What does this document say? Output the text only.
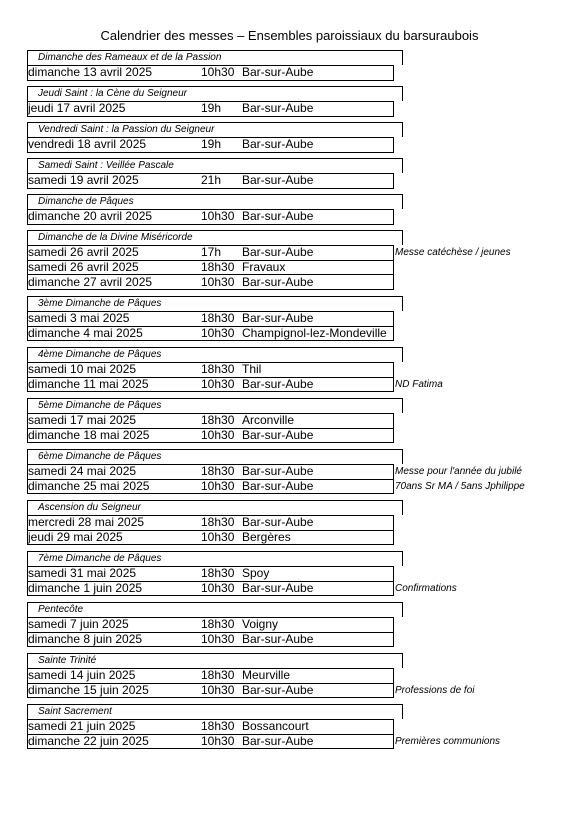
Calendrier des messes – Ensembles paroissiaux du barsuraubois
Dimanche des Rameaux et de la Passion
dimanche 13 avril 2025	10h30 Bar-sur-Aube
Jeudi Saint : la Cène du Seigneur
jeudi 17 avril 2025	19h Bar-sur-Aube
Vendredi Saint : la Passion du Seigneur
vendredi 18 avril 2025	19h Bar-sur-Aube
Samedi Saint : Veillée Pascale
samedi 19 avril 2025	21h Bar-sur-Aube
Dimanche de Pâques
dimanche 20 avril 2025	10h30 Bar-sur-Aube
Dimanche de la Divine Miséricorde
samedi 26 avril 2025	17h Bar-sur-Aube	Messe catéchèse / jeunes
samedi 26 avril 2025	18h30 Fravaux
dimanche 27 avril 2025	10h30 Bar-sur-Aube
3ème Dimanche de Pâques
samedi 3 mai 2025	18h30 Bar-sur-Aube
dimanche 4 mai 2025	10h30 Champignol-lez-Mondeville
4ème Dimanche de Pâques
samedi 10 mai 2025	18h30 Thil
dimanche 11 mai 2025	10h30 Bar-sur-Aube	ND Fatima
5ème Dimanche de Pâques
samedi 17 mai 2025	18h30 Arconville
dimanche 18 mai 2025	10h30 Bar-sur-Aube
6ème Dimanche de Pâques
samedi 24 mai 2025	18h30 Bar-sur-Aube	Messe pour l'année du jubilé
dimanche 25 mai 2025	10h30 Bar-sur-Aube	70ans Sr MA / 5ans Jphilippe
Ascension du Seigneur
mercredi 28 mai 2025	18h30 Bar-sur-Aube
jeudi 29 mai 2025	10h30 Bergères
7ème Dimanche de Pâques
samedi 31 mai 2025	18h30 Spoy
dimanche 1 juin 2025	10h30 Bar-sur-Aube	Confirmations
Pentecôte
samedi 7 juin 2025	18h30 Voigny
dimanche 8 juin 2025	10h30 Bar-sur-Aube
Sainte Trinité
samedi 14 juin 2025	18h30 Meurville
dimanche 15 juin 2025	10h30 Bar-sur-Aube	Professions de foi
Saint Sacrement
samedi 21 juin 2025	18h30 Bossancourt
dimanche 22 juin 2025	10h30 Bar-sur-Aube	Premières communions
